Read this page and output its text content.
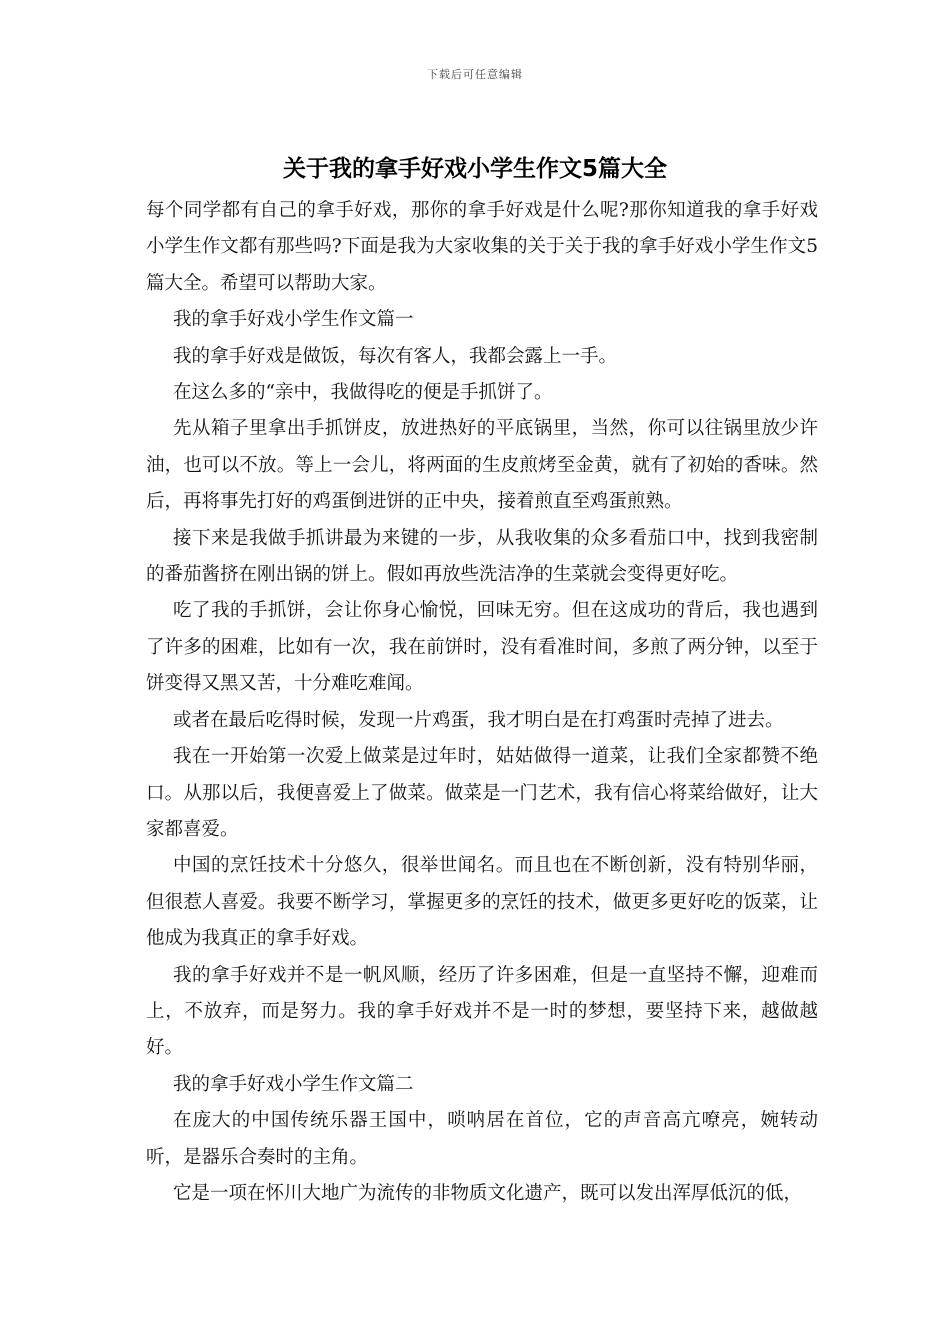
下载后可任意编辑
关于我的拿手好戏小学生作文5篇大全

每个同学都有自己的拿手好戏，那你的拿手好戏是什么呢?那你知道我的拿手好戏小学生作文都有那些吗?下面是我为大家收集的关于关于我的拿手好戏小学生作文5篇大全。希望可以帮助大家。

我的拿手好戏小学生作文篇一

我的拿手好戏是做饭，每次有客人，我都会露上一手。

在这么多的“亲中，我做得吃的便是手抓饼了。

先从箱子里拿出手抓饼皮，放进热好的平底锅里，当然，你可以往锅里放少许油，也可以不放。等上一会儿，将两面的生皮煎烤至金黄，就有了初始的香味。然后，再将事先打好的鸡蛋倒进饼的正中央，接着煎直至鸡蛋煎熟。

接下来是我做手抓讲最为来键的一步，从我收集的众多看茄口中，找到我密制的番茄酱挤在刚出锅的饼上。假如再放些洗洁净的生菜就会变得更好吃。

吃了我的手抓饼，会让你身心愉悦，回味无穷。但在这成功的背后，我也遇到了许多的困难，比如有一次，我在前饼时，没有看准时间，多煎了两分钟，以至于饼变得又黑又苦，十分难吃难闻。

或者在最后吃得时候，发现一片鸡蛋，我才明白是在打鸡蛋时壳掉了进去。

我在一开始第一次爱上做菜是过年时，姑姑做得一道菜，让我们全家都赞不绝口。从那以后，我便喜爱上了做菜。做菜是一门艺术，我有信心将菜给做好，让大家都喜爱。

中国的烹饪技术十分悠久，很举世闻名。而且也在不断创新，没有特别华丽，但很惹人喜爱。我要不断学习，掌握更多的烹饪的技术，做更多更好吃的饭菜，让他成为我真正的拿手好戏。

我的拿手好戏并不是一帆风顺，经历了许多困难，但是一直坚持不懈，迎难而上，不放弃，而是努力。我的拿手好戏并不是一时的梦想，要坚持下来，越做越好。

我的拿手好戏小学生作文篇二

在庞大的中国传统乐器王国中，唢呐居在首位，它的声音高亢嘹亮，婉转动听，是器乐合奏时的主角。

它是一项在怀川大地广为流传的非物质文化遗产，既可以发出浑厚低沉的低，
